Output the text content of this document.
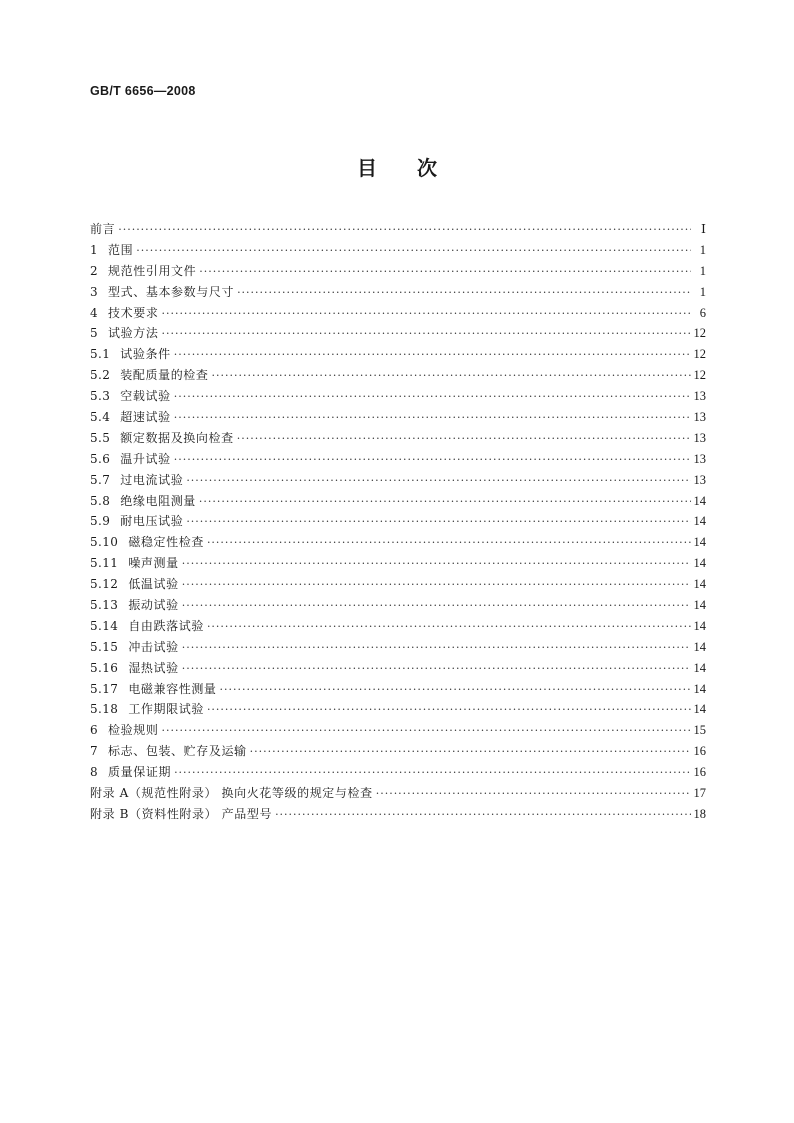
GB/T 6656—2008
目次
前言 ·····	Ⅰ
1 范围 ·····	1
2 规范性引用文件 ·····	1
3 型式、基本参数与尺寸 ·····	1
4 技术要求 ·····	6
5 试验方法 ·····	12
5.1 试验条件 ·····	12
5.2 装配质量的检查 ·····	12
5.3 空载试验 ·····	13
5.4 超速试验 ·····	13
5.5 额定数据及换向检查 ·····	13
5.6 温升试验 ·····	13
5.7 过电流试验 ·····	13
5.8 绝缘电阻测量 ·····	14
5.9 耐电压试验 ·····	14
5.10 磁稳定性检查 ·····	14
5.11 噪声测量 ·····	14
5.12 低温试验 ·····	14
5.13 振动试验 ·····	14
5.14 自由跌落试验 ·····	14
5.15 冲击试验 ·····	14
5.16 湿热试验 ·····	14
5.17 电磁兼容性测量 ·····	14
5.18 工作期限试验 ·····	14
6 检验规则 ·····	15
7 标志、包装、贮存及运输 ·····	16
8 质量保证期 ·····	16
附录 A（规范性附录） 换向火花等级的规定与检查 ·····	17
附录 B（资料性附录） 产品型号 ·····	18
